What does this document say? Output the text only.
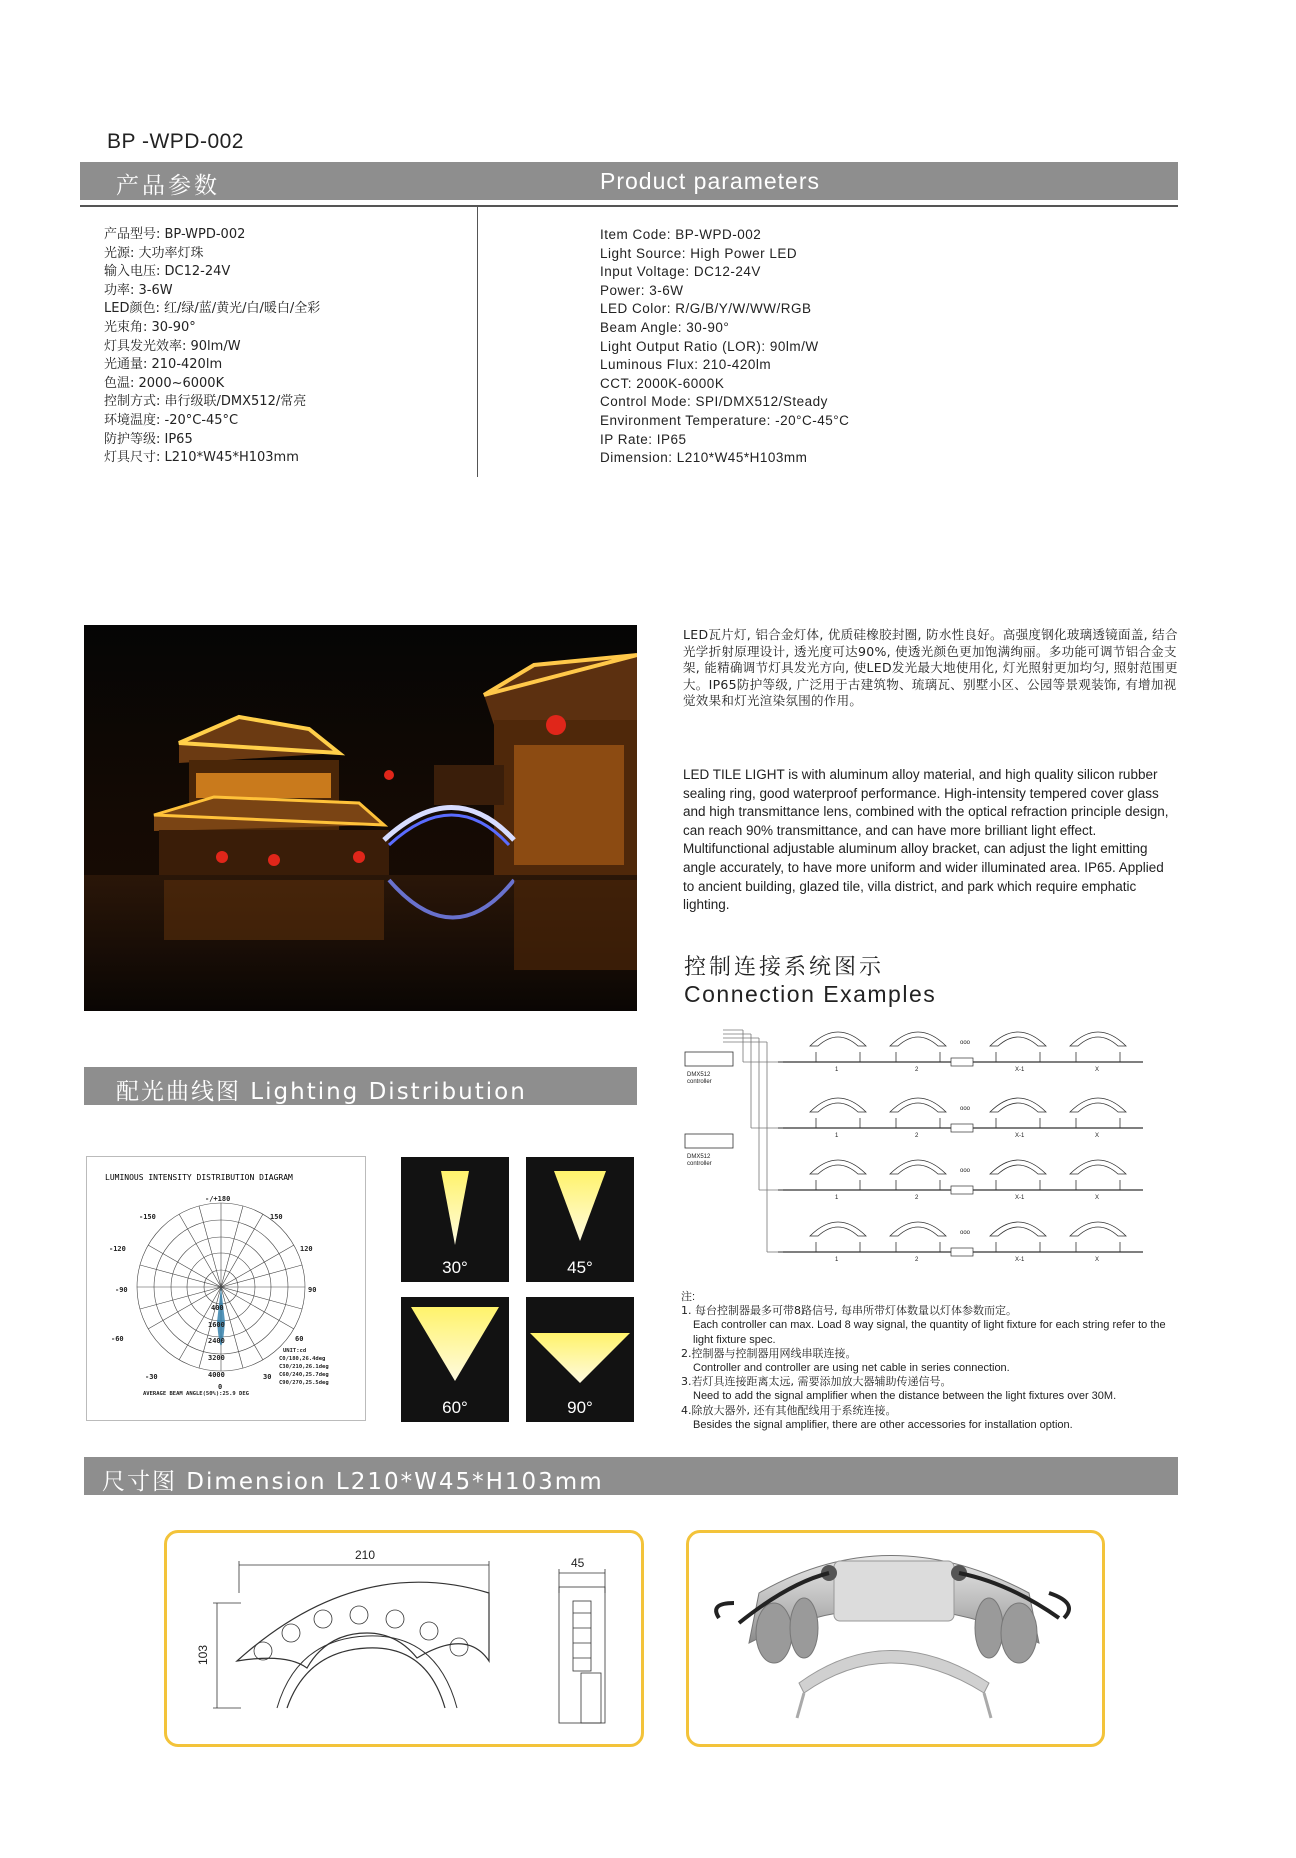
BP -WPD-002
产品参数	Product parameters
产品型号: BP-WPD-002
光源: 大功率灯珠
输入电压: DC12-24V
功率: 3-6W
LED颜色: 红/绿/蓝/黄光/白/暖白/全彩
光束角: 30-90°
灯具发光效率: 90lm/W
光通量: 210-420lm
色温: 2000~6000K
控制方式: 串行级联/DMX512/常亮
环境温度: -20°C-45°C
防护等级: IP65
灯具尺寸: L210*W45*H103mm
Item Code: BP-WPD-002
Light Source: High Power LED
Input Voltage: DC12-24V
Power: 3-6W
LED Color: R/G/B/Y/W/WW/RGB
Beam Angle: 30-90°
Light Output Ratio (LOR): 90lm/W
Luminous Flux: 210-420lm
CCT: 2000K-6000K
Control Mode: SPI/DMX512/Steady
Environment Temperature: -20°C-45°C
IP Rate: IP65
Dimension: L210*W45*H103mm
LED瓦片灯, 铝合金灯体, 优质硅橡胶封圈, 防水性良好。高强度钢化玻璃透镜面盖, 结合光学折射原理设计, 透光度可达90%, 使透光颜色更加饱满绚丽。多功能可调节铝合金支架, 能精确调节灯具发光方向, 使LED发光最大地使用化, 灯光照射更加均匀, 照射范围更大。IP65防护等级, 广泛用于古建筑物、琉璃瓦、别墅小区、公园等景观装饰, 有增加视觉效果和灯光渲染氛围的作用。
LED TILE LIGHT is with aluminum alloy material, and high quality silicon rubber sealing ring, good waterproof performance. High-intensity tempered cover glass and high transmittance lens, combined with the optical refraction principle design, can reach 90% transmittance, and can have more brilliant light effect. Multifunctional adjustable aluminum alloy bracket, can adjust the light emitting angle accurately, to have more uniform and wider illuminated area. IP65. Applied to ancient building, glazed tile, villa district, and park which require emphatic lighting.
控制连接系统图示
Connection Examples
1	2	X-1	X
ooo
1	2	X-1	X
ooo
1	2	X-1	X
ooo
1	2	X-1	X
ooo
DMX512
controller
DMX512
controller
注:
1. 每台控制器最多可带8路信号, 每串所带灯体数量以灯体参数而定。
Each controller can max. Load 8 way signal, the quantity of light fixture for each string refer to the light fixture spec.
2.控制器与控制器用网线串联连接。
Controller and controller are using net cable in series connection.
3.若灯具连接距离太远, 需要添加放大器辅助传递信号。
Need to add the signal amplifier when the distance between the light fixtures over 30M.
4.除放大器外, 还有其他配线用于系统连接。
Besides the signal amplifier, there are other accessories for installation option.
配光曲线图 Lighting Distribution
LUMINOUS INTENSITY DISTRIBUTION DIAGRAM
-/+180
-150	150
-120	120
-90	90
-60	60
-30	30
0
400
1600
2400
3200
4000
UNIT:cd
C0/180,26.4deg
C30/210,26.1deg
C60/240,25.7deg
C90/270,25.5deg
AVERAGE BEAM ANGLE(50%):25.9 DEG
30°	45°
60°	90°
尺寸图 Dimension L210*W45*H103mm
210
45
103
